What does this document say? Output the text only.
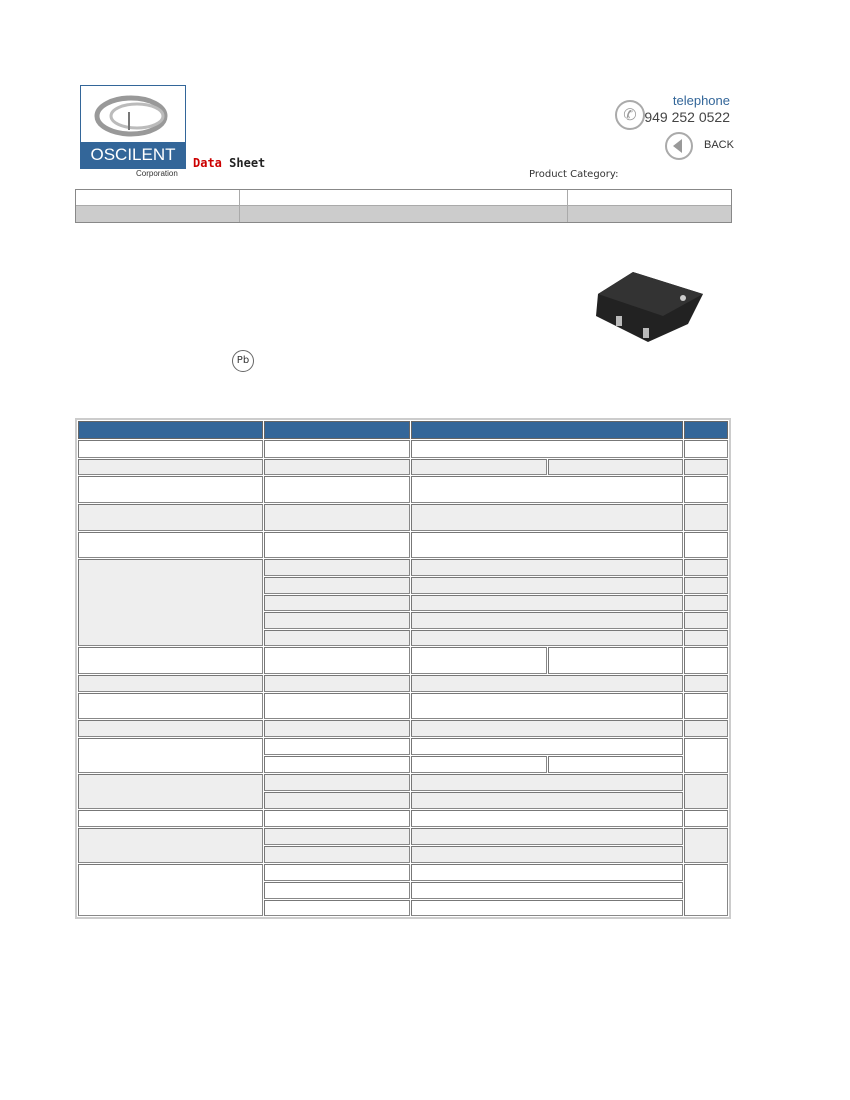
OSCILENT
Corporation
Data Sheet
✆
telephone
949 252 0522
BACK
Product Category:
Pb
